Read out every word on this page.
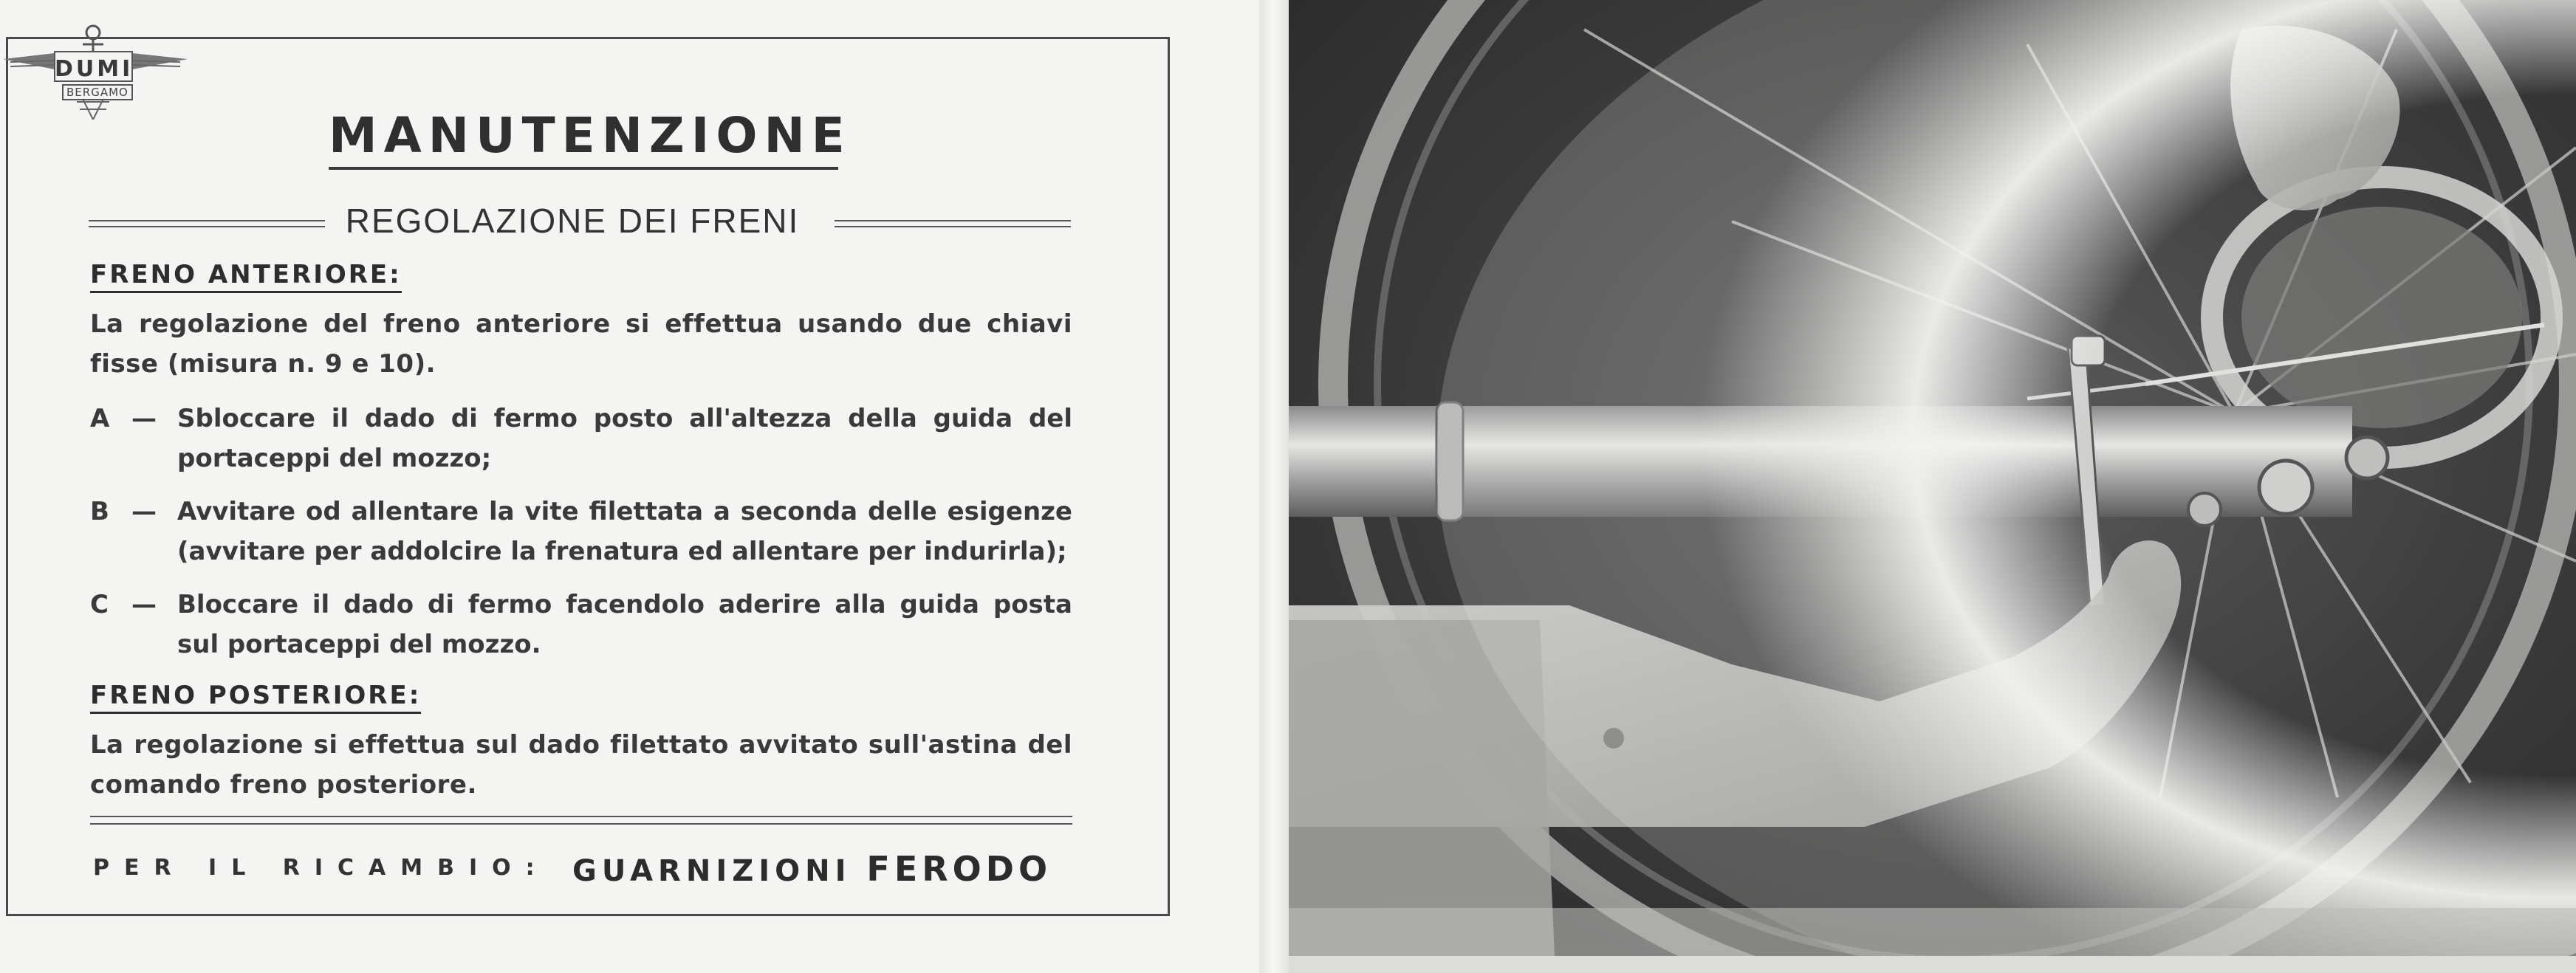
DUMI
BERGAMO
MANUTENZIONE
REGOLAZIONE DEI FRENI
FRENO ANTERIORE:
La regolazione del freno anteriore si effettua usando due chiavi fisse (misura n. 9 e 10).
A — Sbloccare il dado di fermo posto all'altezza della guida del portaceppi del mozzo;
B — Avvitare od allentare la vite filettata a seconda delle esigenze (avvitare per addolcire la frenatura ed allentare per indurirla);
C — Bloccare il dado di fermo facendolo aderire alla guida posta sul portaceppi del mozzo.
FRENO POSTERIORE:
La regolazione si effettua sul dado filettato avvitato sull'astina del comando freno posteriore.
PER IL RICAMBIO: GUARNIZIONI FERODO
